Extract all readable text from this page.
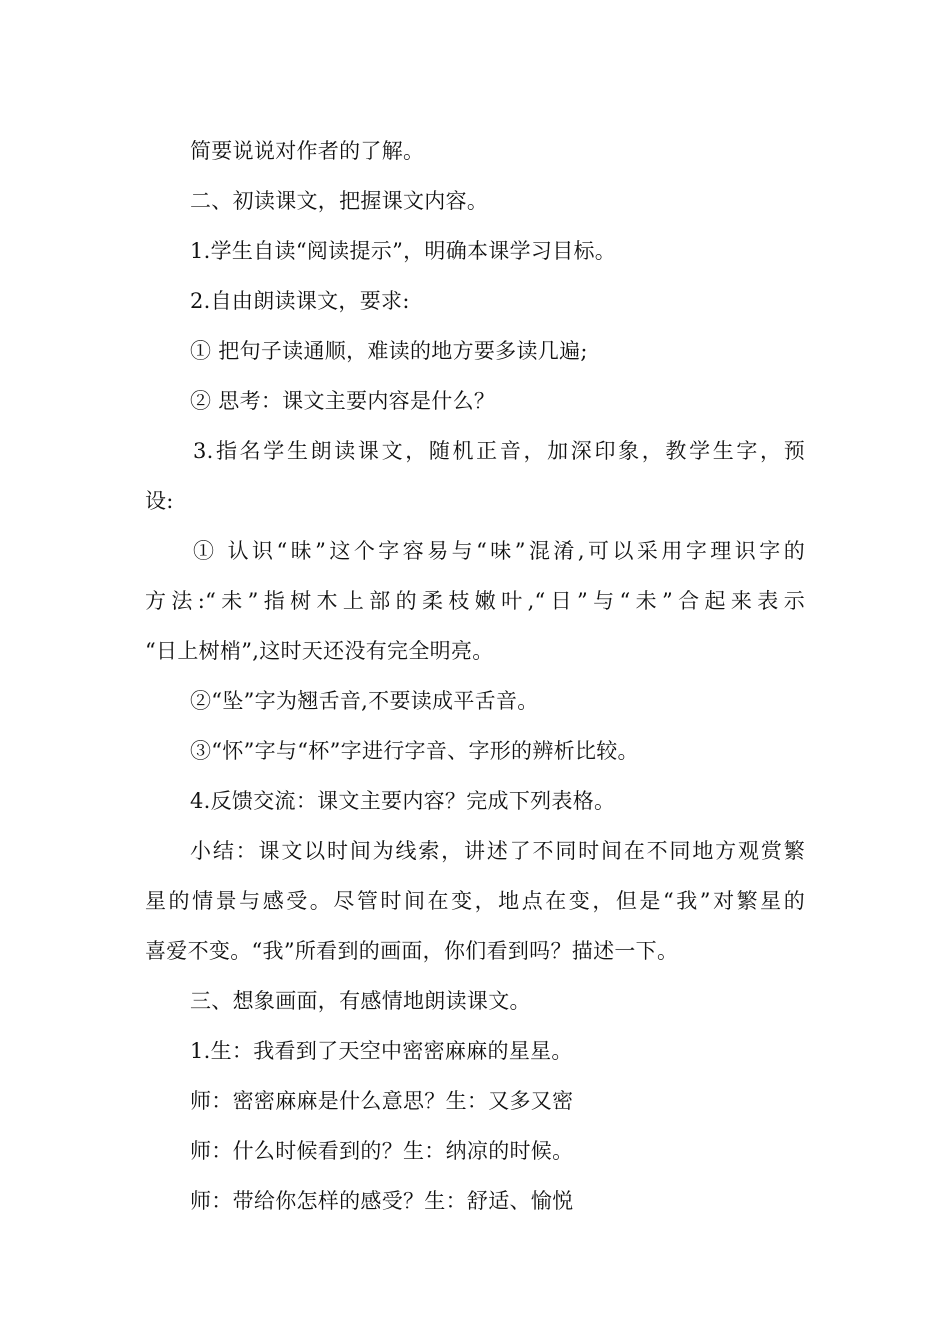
简要说说对作者的了解。
二、初读课文，把握课文内容。
1.学生自读“阅读提示”，明确本课学习目标。
2.自由朗读课文，要求:
① 把句子读通顺，难读的地方要多读几遍;
② 思考：课文主要内容是什么？
3.指名学生朗读课文，随机正音，加深印象，教学生字，预
设:
① 认识“昧”这个字容易与“味”混淆,可以采用字理识字的
方法:“未”指树木上部的柔枝嫩叶,“日”与“未”合起来表示
“日上树梢”,这时天还没有完全明亮。
②“坠”字为翘舌音,不要读成平舌音。
③“怀”字与“杯”字进行字音、字形的辨析比较。
4.反馈交流：课文主要内容？完成下列表格。
小结：课文以时间为线索，讲述了不同时间在不同地方观赏繁
星的情景与感受。尽管时间在变，地点在变，但是“我”对繁星的
喜爱不变。“我”所看到的画面，你们看到吗？描述一下。
三、想象画面，有感情地朗读课文。
1.生：我看到了天空中密密麻麻的星星。
师：密密麻麻是什么意思？生：又多又密
师：什么时候看到的？生：纳凉的时候。
师：带给你怎样的感受？生：舒适、愉悦
